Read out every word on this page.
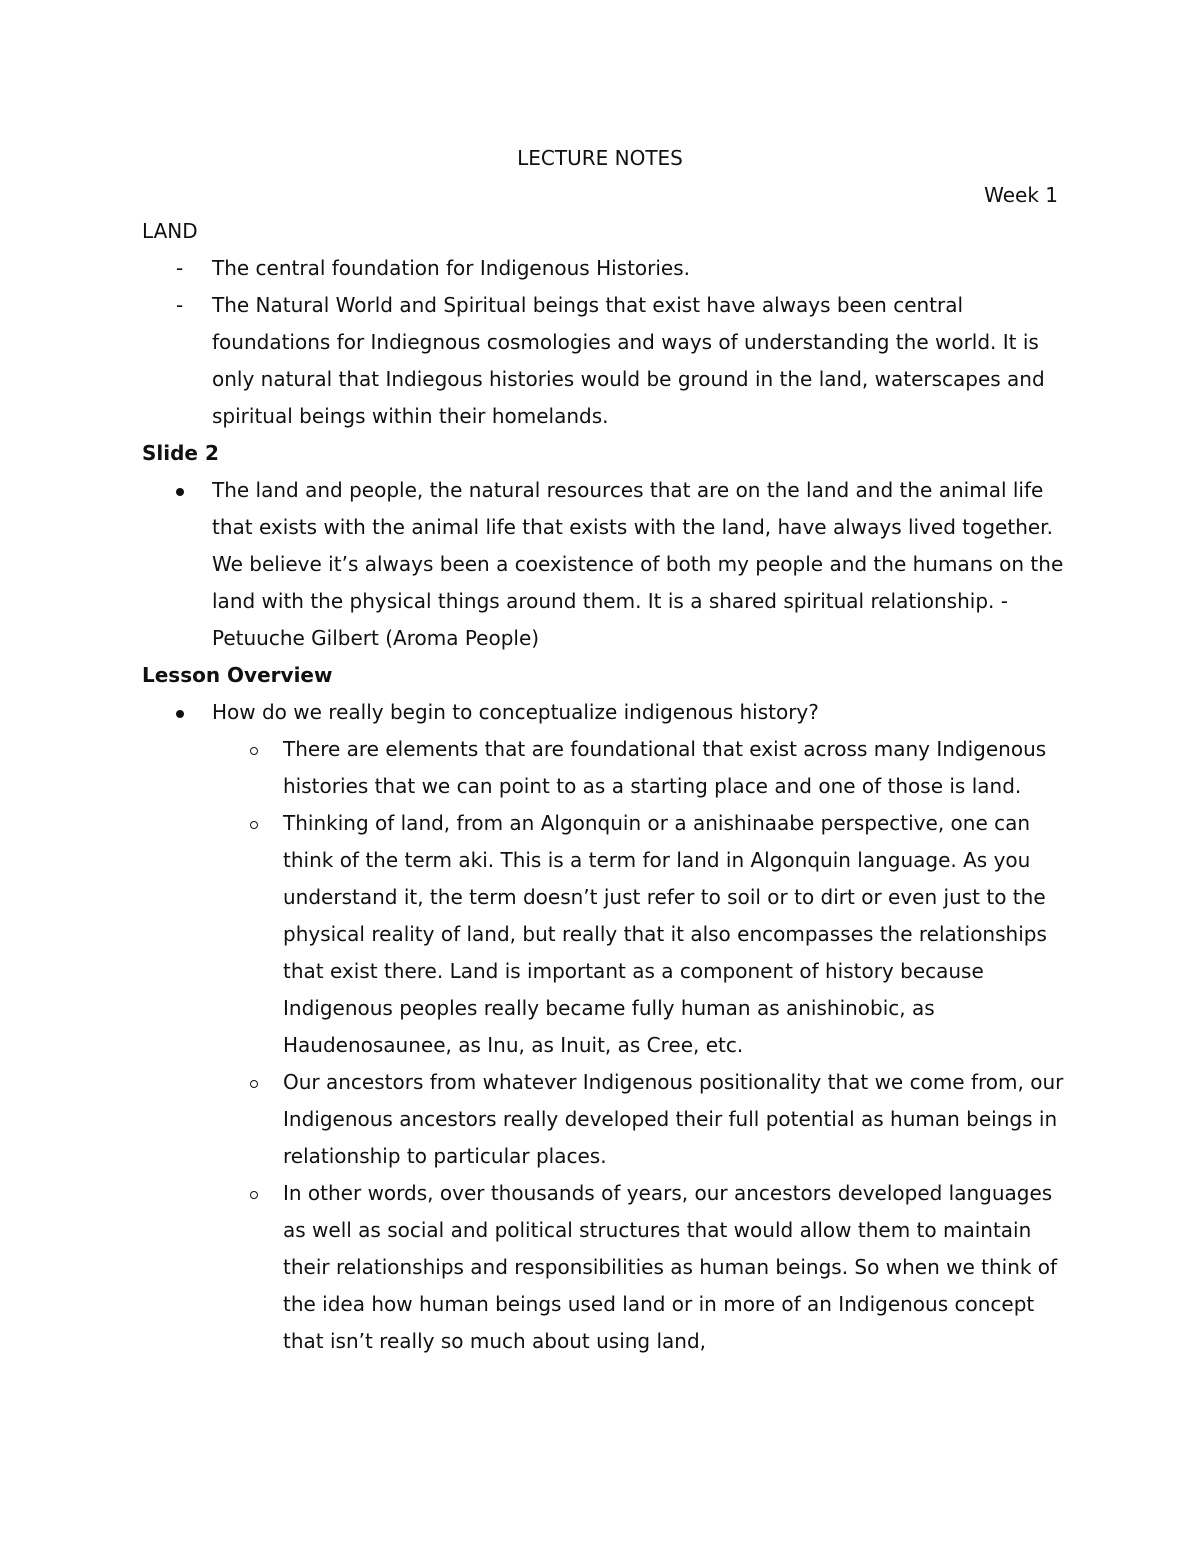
LECTURE NOTES
Week 1

LAND

- The central foundation for Indigenous Histories.
- The Natural World and Spiritual beings that exist have always been central foundations for Indiegnous cosmologies and ways of understanding the world. It is only natural that Indiegous histories would be ground in the land, waterscapes and spiritual beings within their homelands.

Slide 2

The land and people, the natural resources that are on the land and the animal life that exists with the animal life that exists with the land, have always lived together. We believe it’s always been a coexistence of both my people and the humans on the land with the physical things around them. It is a shared spiritual relationship. -Petuuche Gilbert (Aroma People)

Lesson Overview

How do we really begin to conceptualize indigenous history?
There are elements that are foundational that exist across many Indigenous histories that we can point to as a starting place and one of those is land.
Thinking of land, from an Algonquin or a anishinaabe perspective, one can think of the term aki. This is a term for land in Algonquin language. As you understand it, the term doesn’t just refer to soil or to dirt or even just to the physical reality of land, but really that it also encompasses the relationships that exist there. Land is important as a component of history because Indigenous peoples really became fully human as anishinobic, as Haudenosaunee, as Inu, as Inuit, as Cree, etc.
Our ancestors from whatever Indigenous positionality that we come from, our Indigenous ancestors really developed their full potential as human beings in relationship to particular places.
In other words, over thousands of years, our ancestors developed languages as well as social and political structures that would allow them to maintain their relationships and responsibilities as human beings. So when we think of the idea how human beings used land or in more of an Indigenous concept that isn’t really so much about using land,
